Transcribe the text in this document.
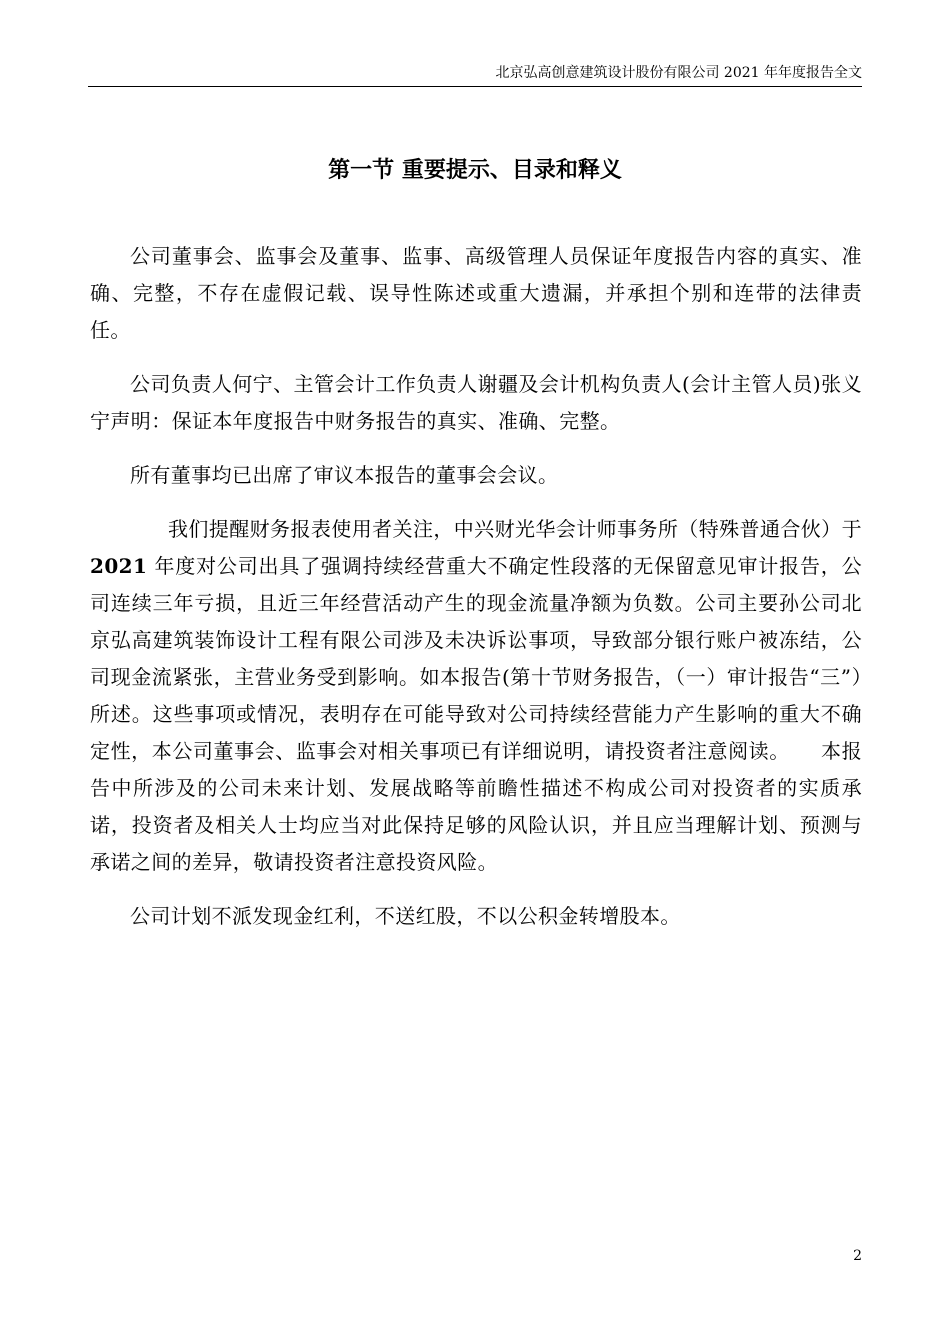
北京弘高创意建筑设计股份有限公司 2021 年年度报告全文
第一节 重要提示、目录和释义

公司董事会、监事会及董事、监事、高级管理人员保证年度报告内容的真实、准确、完整，不存在虚假记载、误导性陈述或重大遗漏，并承担个别和连带的法律责任。

公司负责人何宁、主管会计工作负责人谢疆及会计机构负责人(会计主管人员)张义宁声明：保证本年度报告中财务报告的真实、准确、完整。

所有董事均已出席了审议本报告的董事会会议。

我们提醒财务报表使用者关注，中兴财光华会计师事务所（特殊普通合伙）于 2021 年度对公司出具了强调持续经营重大不确定性段落的无保留意见审计报告，公司连续三年亏损，且近三年经营活动产生的现金流量净额为负数。公司主要孙公司北京弘高建筑装饰设计工程有限公司涉及未决诉讼事项，导致部分银行账户被冻结，公司现金流紧张，主营业务受到影响。如本报告(第十节财务报告，（一）审计报告“三”）所述。这些事项或情况，表明存在可能导致对公司持续经营能力产生影响的重大不确定性，本公司董事会、监事会对相关事项已有详细说明，请投资者注意阅读。　　本报告中所涉及的公司未来计划、发展战略等前瞻性描述不构成公司对投资者的实质承诺，投资者及相关人士均应当对此保持足够的风险认识，并且应当理解计划、预测与承诺之间的差异，敬请投资者注意投资风险。

公司计划不派发现金红利，不送红股，不以公积金转增股本。

2
